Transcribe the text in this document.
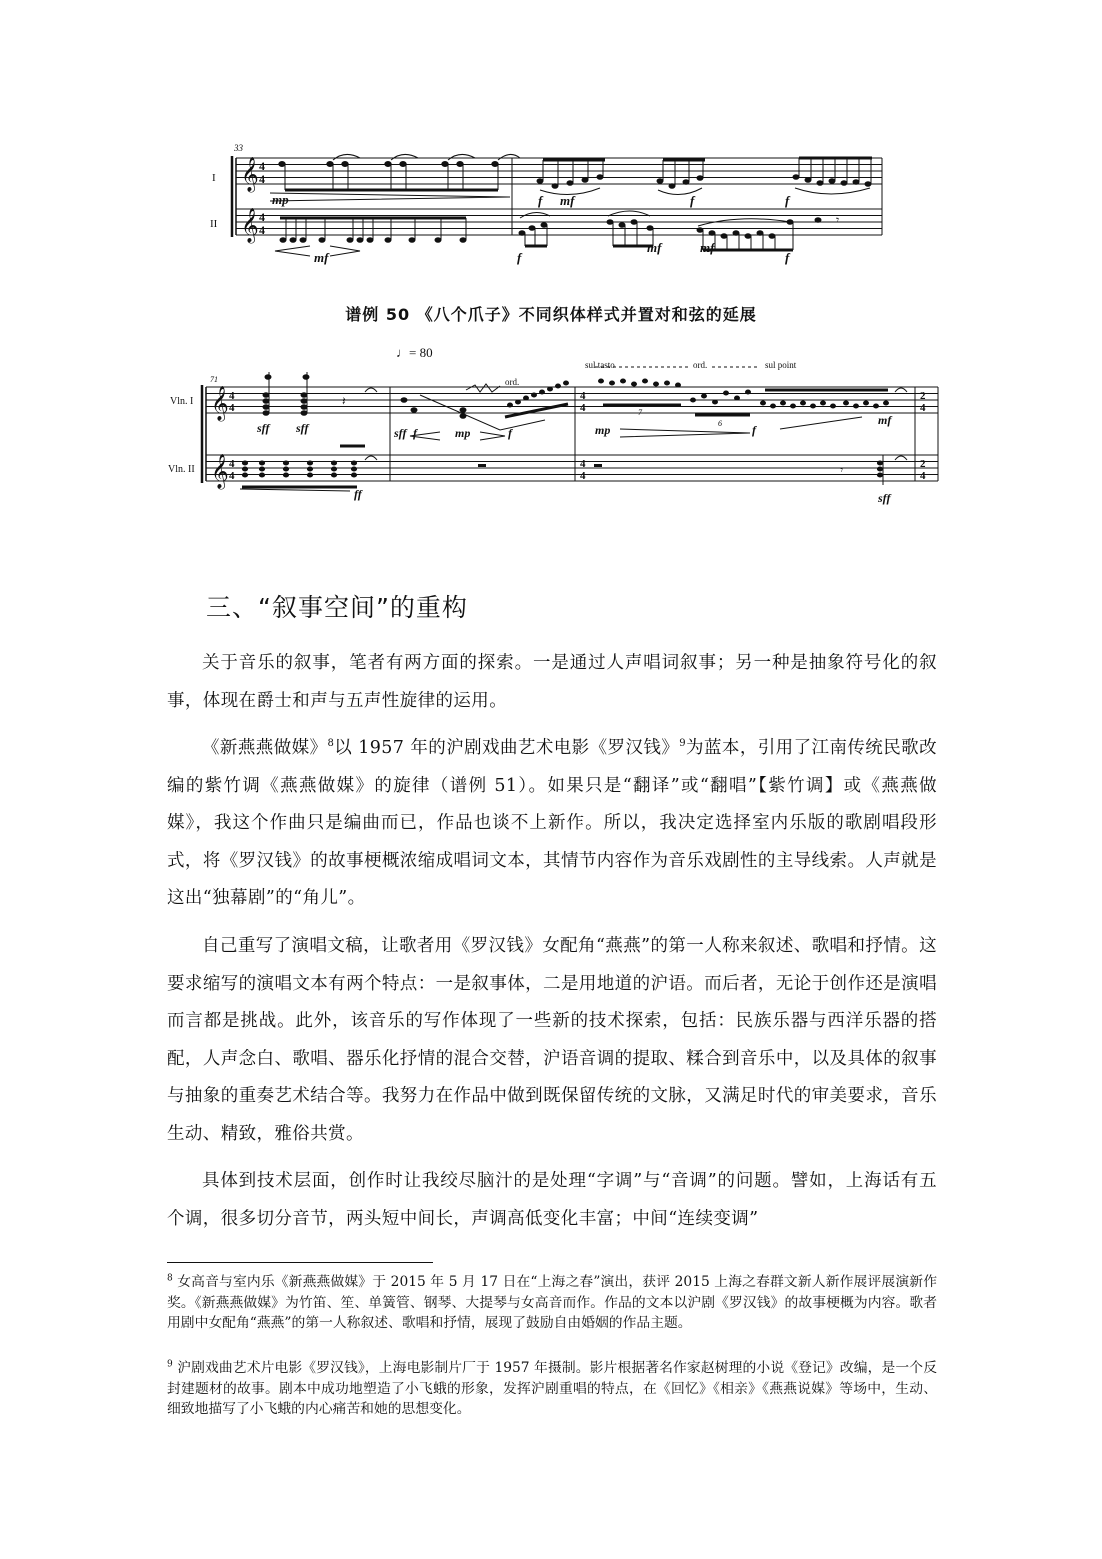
𝄞
𝄞
4
4
4
4
𝄾
33
I
II
mp	f mf	f	f
mf	f
mf	mf
f
谱例 50 《八个爪子》不同织体样式并置对和弦的延展
𝄞
𝄞
4
4
4
4
4
4
4
4
2
4
2
4
𝄽
𝄾
71
Vln. I
Vln. II
♩= 80
ord.
sul tasto	ord.	sul point
7
6
sff sff	sff f	mp	f	mp	f
mf
ff	sff
三、“叙事空间”的重构

关于音乐的叙事，笔者有两方面的探索。一是通过人声唱词叙事；另一种是抽象符号化的叙事，体现在爵士和声与五声性旋律的运用。

《新燕燕做媒》$^8$以 1957 年的沪剧戏曲艺术电影《罗汉钱》$^9$为蓝本，引用了江南传统民歌改编的紫竹调《燕燕做媒》的旋律（谱例 51）。如果只是“翻译”或“翻唱”【紫竹调】或《燕燕做媒》，我这个作曲只是编曲而已，作品也谈不上新作。所以，我决定选择室内乐版的歌剧唱段形式，将《罗汉钱》的故事梗概浓缩成唱词文本，其情节内容作为音乐戏剧性的主导线索。人声就是这出“独幕剧”的“角儿”。

自己重写了演唱文稿，让歌者用《罗汉钱》女配角“燕燕”的第一人称来叙述、歌唱和抒情。这要求缩写的演唱文本有两个特点：一是叙事体，二是用地道的沪语。而后者，无论于创作还是演唱而言都是挑战。此外，该音乐的写作体现了一些新的技术探索，包括：民族乐器与西洋乐器的搭配，人声念白、歌唱、器乐化抒情的混合交替，沪语音调的提取、糅合到音乐中，以及具体的叙事与抽象的重奏艺术结合等。我努力在作品中做到既保留传统的文脉，又满足时代的审美要求，音乐生动、精致，雅俗共赏。

具体到技术层面，创作时让我绞尽脑汁的是处理“字调”与“音调”的问题。譬如，上海话有五个调，很多切分音节，两头短中间长，声调高低变化丰富；中间“连续变调”

$^8$ 女高音与室内乐《新燕燕做媒》于 2015 年 5 月 17 日在“上海之春”演出，获评 2015 上海之春群文新人新作展评展演新作奖。《新燕燕做媒》为竹笛、笙、单簧管、钢琴、大提琴与女高音而作。作品的文本以沪剧《罗汉钱》的故事梗概为内容。歌者用剧中女配角“燕燕”的第一人称叙述、歌唱和抒情，展现了鼓励自由婚姻的作品主题。

$^9$ 沪剧戏曲艺术片电影《罗汉钱》，上海电影制片厂于 1957 年摄制。影片根据著名作家赵树理的小说《登记》改编，是一个反封建题材的故事。剧本中成功地塑造了小飞蛾的形象，发挥沪剧重唱的特点，在《回忆》《相亲》《燕燕说媒》等场中，生动、细致地描写了小飞蛾的内心痛苦和她的思想变化。
